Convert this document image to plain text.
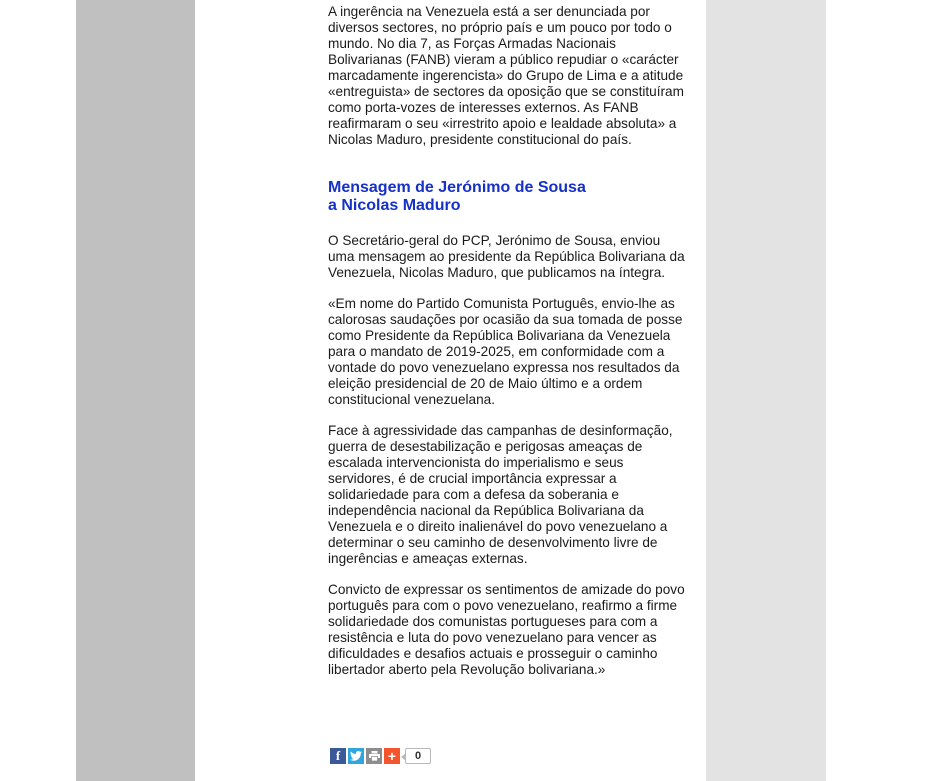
A ingerência na Venezuela está a ser denunciada por diversos sectores, no próprio país e um pouco por todo o mundo. No dia 7, as Forças Armadas Nacionais Bolivarianas (FANB) vieram a público repudiar o «carácter marcadamente ingerencista» do Grupo de Lima e a atitude «entreguista» de sectores da oposição que se constituíram como porta-vozes de interesses externos. As FANB reafirmaram o seu «irrestrito apoio e lealdade absoluta» a Nicolas Maduro, presidente constitucional do país.

Mensagem de Jerónimo de Sousa
a Nicolas Maduro

O Secretário-geral do PCP, Jerónimo de Sousa, enviou uma mensagem ao presidente da República Bolivariana da Venezuela, Nicolas Maduro, que publicamos na íntegra.

«Em nome do Partido Comunista Português, envio-lhe as calorosas saudações por ocasião da sua tomada de posse como Presidente da República Bolivariana da Venezuela para o mandato de 2019-2025, em conformidade com a vontade do povo venezuelano expressa nos resultados da eleição presidencial de 20 de Maio último e a ordem constitucional venezuelana.

Face à agressividade das campanhas de desinformação, guerra de desestabilização e perigosas ameaças de escalada intervencionista do imperialismo e seus servidores, é de crucial importância expressar a solidariedade para com a defesa da soberania e independência nacional da República Bolivariana da Venezuela e o direito inalienável do povo venezuelano a determinar o seu caminho de desenvolvimento livre de ingerências e ameaças externas.

Convicto de expressar os sentimentos de amizade do povo português para com o povo venezuelano, reafirmo a firme solidariedade dos comunistas portugueses para com a resistência e luta do povo venezuelano para vencer as dificuldades e desafios actuais e prosseguir o caminho libertador aberto pela Revolução bolivariana.»

f	+	0
